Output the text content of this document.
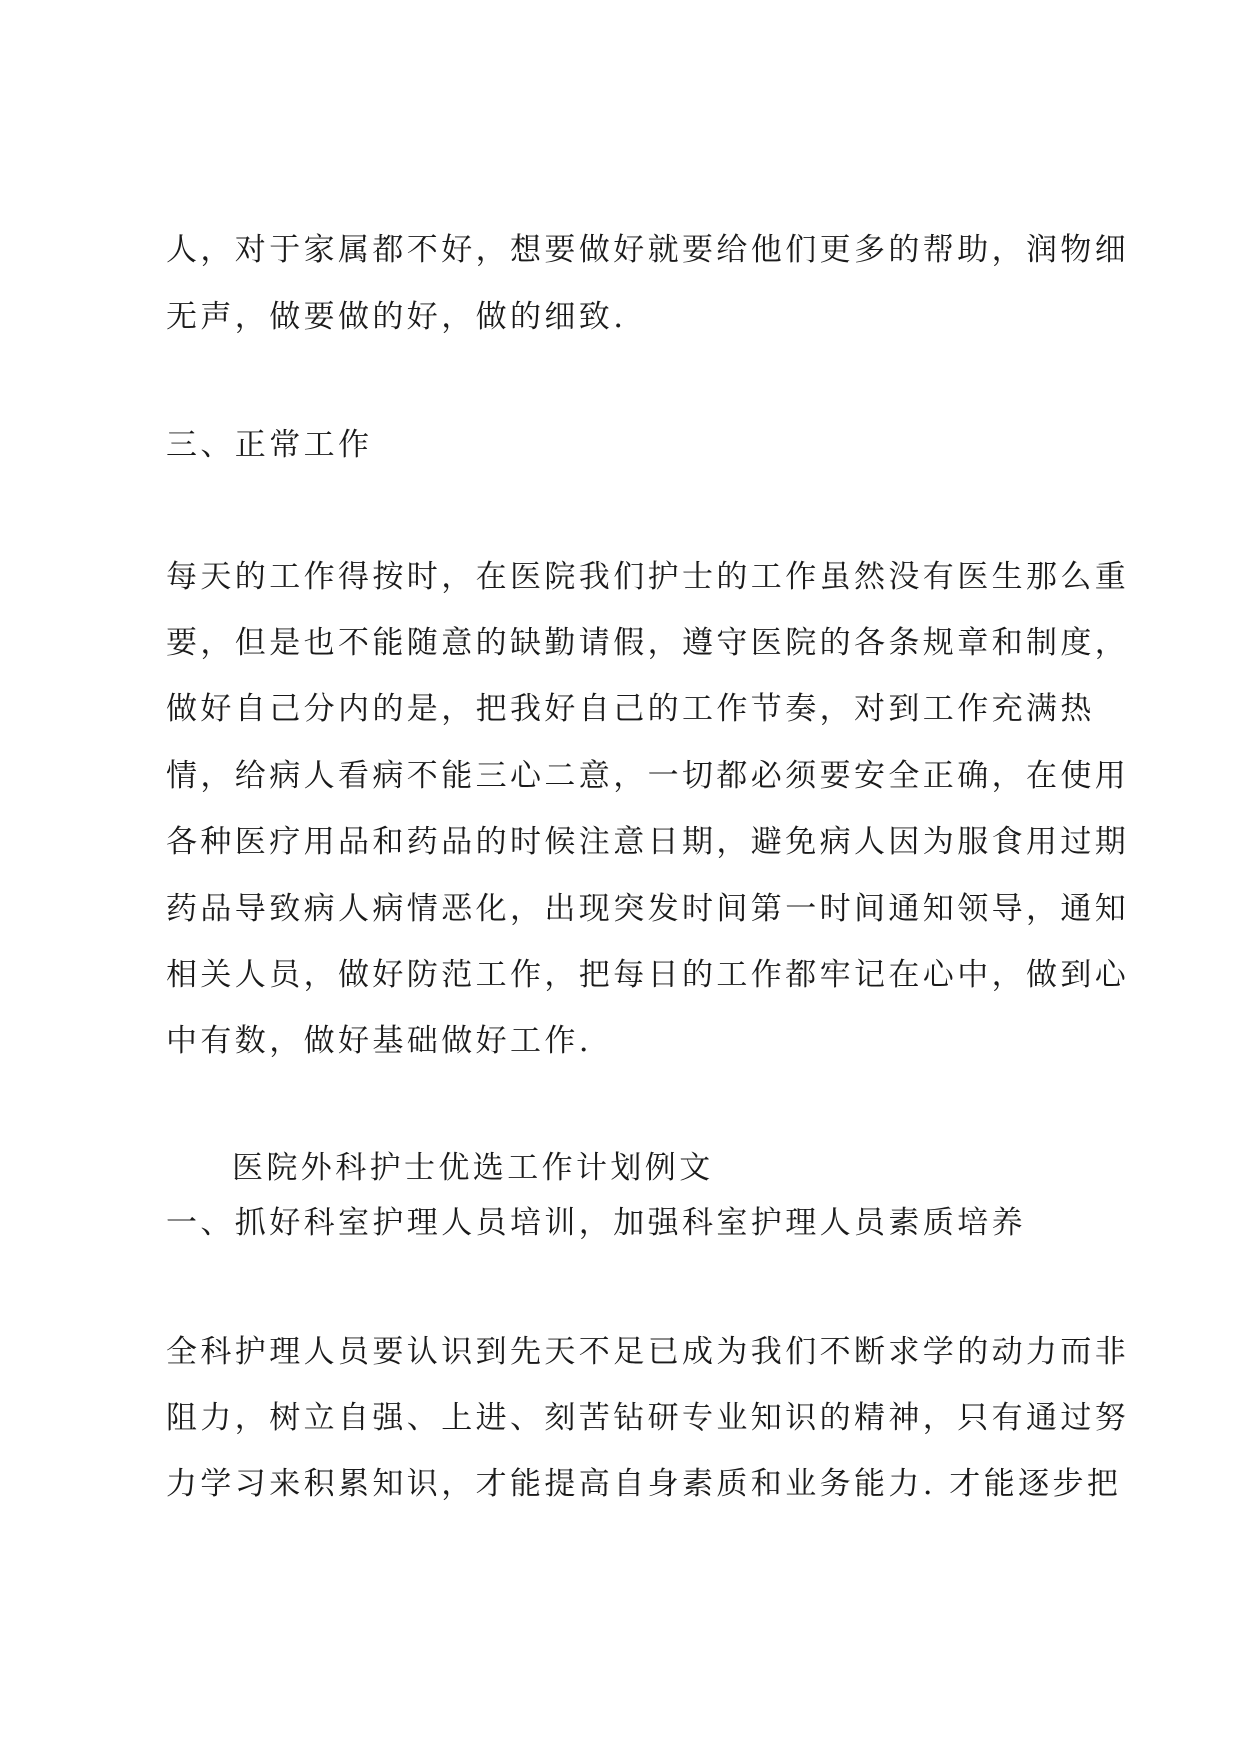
人，对于家属都不好，想要做好就要给他们更多的帮助，润物细
无声，做要做的好，做的细致.
三、正常工作
每天的工作得按时，在医院我们护士的工作虽然没有医生那么重
要，但是也不能随意的缺勤请假，遵守医院的各条规章和制度，
做好自己分内的是，把我好自己的工作节奏，对到工作充满热
情，给病人看病不能三心二意，一切都必须要安全正确，在使用
各种医疗用品和药品的时候注意日期，避免病人因为服食用过期
药品导致病人病情恶化，出现突发时间第一时间通知领导，通知
相关人员，做好防范工作，把每日的工作都牢记在心中，做到心
中有数，做好基础做好工作.
医院外科护士优选工作计划例文
一、抓好科室护理人员培训，加强科室护理人员素质培养
全科护理人员要认识到先天不足已成为我们不断求学的动力而非
阻力，树立自强、上进、刻苦钻研专业知识的精神，只有通过努
力学习来积累知识，才能提高自身素质和业务能力. 才能逐步把
